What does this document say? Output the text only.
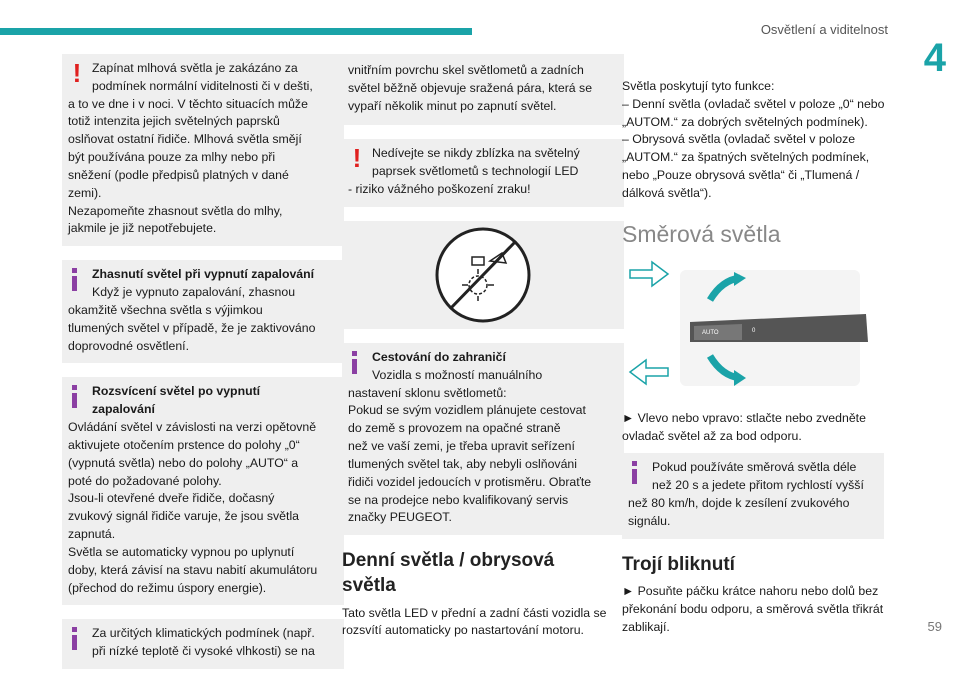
Osvětlení a viditelnost
4
59
! Zapínat mlhová světla je zakázáno za
podmínek normální viditelnosti či v dešti,
a to ve dne i v noci. V těchto situacích může
totiž intenzita jejich světelných paprsků
oslňovat ostatní řidiče. Mlhová světla smějí
být používána pouze za mlhy nebo při
sněžení (podle předpisů platných v dané
zemi).
Nezapomeňte zhasnout světla do mlhy,
jakmile je již nepotřebujete.

Zhasnutí světel při vypnutí zapalování
Když je vypnuto zapalování, zhasnou
okamžitě všechna světla s výjimkou
tlumených světel v případě, že je zaktivováno
doprovodné osvětlení.

Rozsvícení světel po vypnutí
zapalování
Ovládání světel v závislosti na verzi opětovně
aktivujete otočením prstence do polohy „0“
(vypnutá světla) nebo do polohy „AUTO“ a
poté do požadované polohy.
Jsou-li otevřené dveře řidiče, dočasný
zvukový signál řidiče varuje, že jsou světla
zapnutá.
Světla se automaticky vypnou po uplynutí
doby, která závisí na stavu nabití akumulátoru
(přechod do režimu úspory energie).

Za určitých klimatických podmínek (např.
při nízké teplotě či vysoké vlhkosti) se na

vnitřním povrchu skel světlometů a zadních
světel běžně objevuje sražená pára, která se
vypaří několik minut po zapnutí světel.

! Nedívejte se nikdy zblízka na světelný
paprsek světlometů s technologií LED
- riziko vážného poškození zraku!

Cestování do zahraničí
Vozidla s možností manuálního
nastavení sklonu světlometů:
Pokud se svým vozidlem plánujete cestovat
do země s provozem na opačné straně
než ve vaší zemi, je třeba upravit seřízení
tlumených světel tak, aby nebyli oslňováni
řidiči vozidel jedoucích v protisměru. Obraťte
se na prodejce nebo kvalifikovaný servis
značky PEUGEOT.

Denní světla / obrysová
světla

Tato světla LED v přední a zadní části vozidla se
rozsvítí automaticky po nastartování motoru.

Světla poskytují tyto funkce:
– Denní světla (ovladač světel v poloze „0“ nebo
„AUTOM.“ za dobrých světelných podmínek).
– Obrysová světla (ovladač světel v poloze
„AUTOM.“ za špatných světelných podmínek,
nebo „Pouze obrysová světla“ či „Tlumená /
dálková světla“).

Směrová světla
AUTO	0

► Vlevo nebo vpravo: stlačte nebo zvedněte
ovladač světel až za bod odporu.

Pokud používáte směrová světla déle
než 20 s a jedete přitom rychlostí vyšší
než 80 km/h, dojde k zesílení zvukového
signálu.

Trojí bliknutí

► Posuňte páčku krátce nahoru nebo dolů bez
překonání bodu odporu, a směrová světla třikrát
zablikají.
